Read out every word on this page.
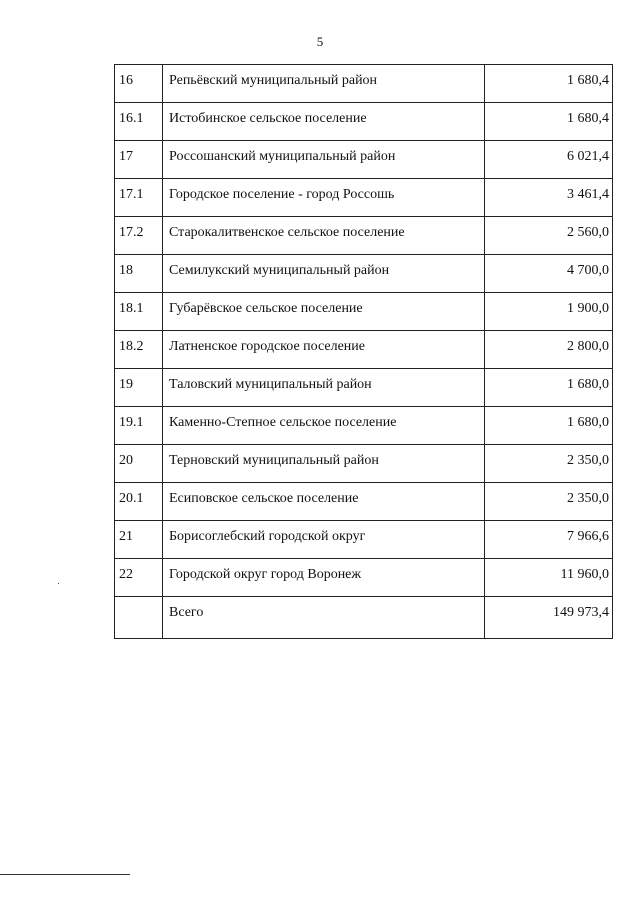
5
16	Репьёвский муниципальный район	1 680,4
16.1	Истобинское сельское поселение	1 680,4
17	Россошанский муниципальный район	6 021,4
17.1	Городское поселение - город Россошь	3 461,4
17.2	Старокалитвенское сельское поселение	2 560,0
18	Семилукский муниципальный район	4 700,0
18.1	Губарёвское сельское поселение	1 900,0
18.2	Латненское городское поселение	2 800,0
19	Таловский муниципальный район	1 680,0
19.1	Каменно-Степное сельское поселение	1 680,0
20	Терновский муниципальный район	2 350,0
20.1	Есиповское сельское поселение	2 350,0
21	Борисоглебский городской округ	7 966,6
22	Городской округ город Воронеж	11 960,0
	Всего	149 973,4
